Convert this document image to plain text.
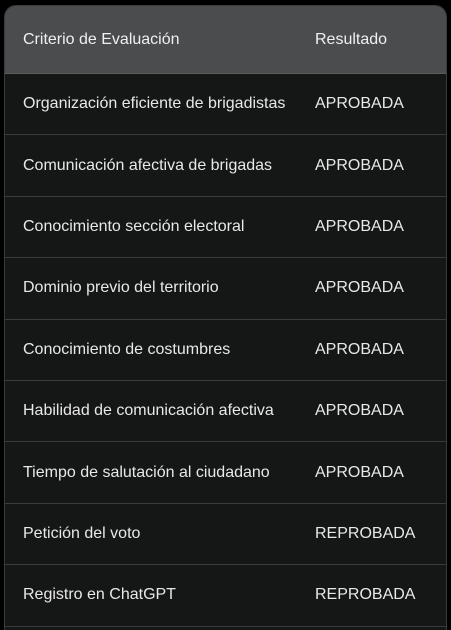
Criterio de Evaluación	Resultado
Organización eficiente de brigadistas	APROBADA
Comunicación afectiva de brigadas	APROBADA
Conocimiento sección electoral	APROBADA
Dominio previo del territorio	APROBADA
Conocimiento de costumbres	APROBADA
Habilidad de comunicación afectiva	APROBADA
Tiempo de salutación al ciudadano	APROBADA
Petición del voto	REPROBADA
Registro en ChatGPT	REPROBADA
